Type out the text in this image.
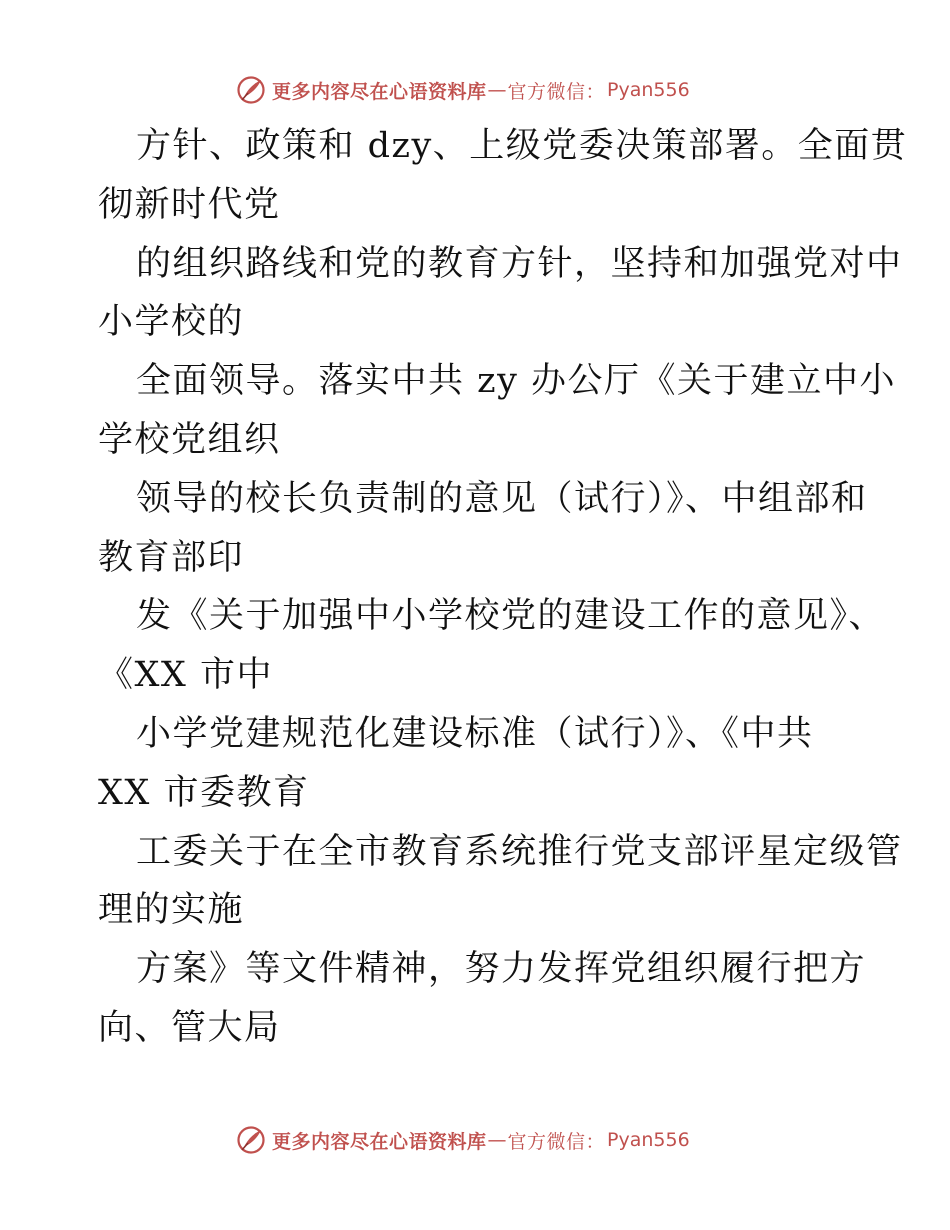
更多内容尽在心语资料库 — 官方微信： Pyan556
方针、政策和 dzy、上级党委决策部署。全面贯
彻新时代党
的组织路线和党的教育方针，坚持和加强党对中
小学校的
全面领导。落实中共 zy 办公厅《关于建立中小
学校党组织
领导的校长负责制的意见（试行）》、中组部和
教育部印
发《关于加强中小学校党的建设工作的意见》、
《XX 市中
小学党建规范化建设标准（试行）》、《中共
XX 市委教育
工委关于在全市教育系统推行党支部评星定级管
理的实施
方案》等文件精神，努力发挥党组织履行把方
向、管大局
更多内容尽在心语资料库 — 官方微信： Pyan556
